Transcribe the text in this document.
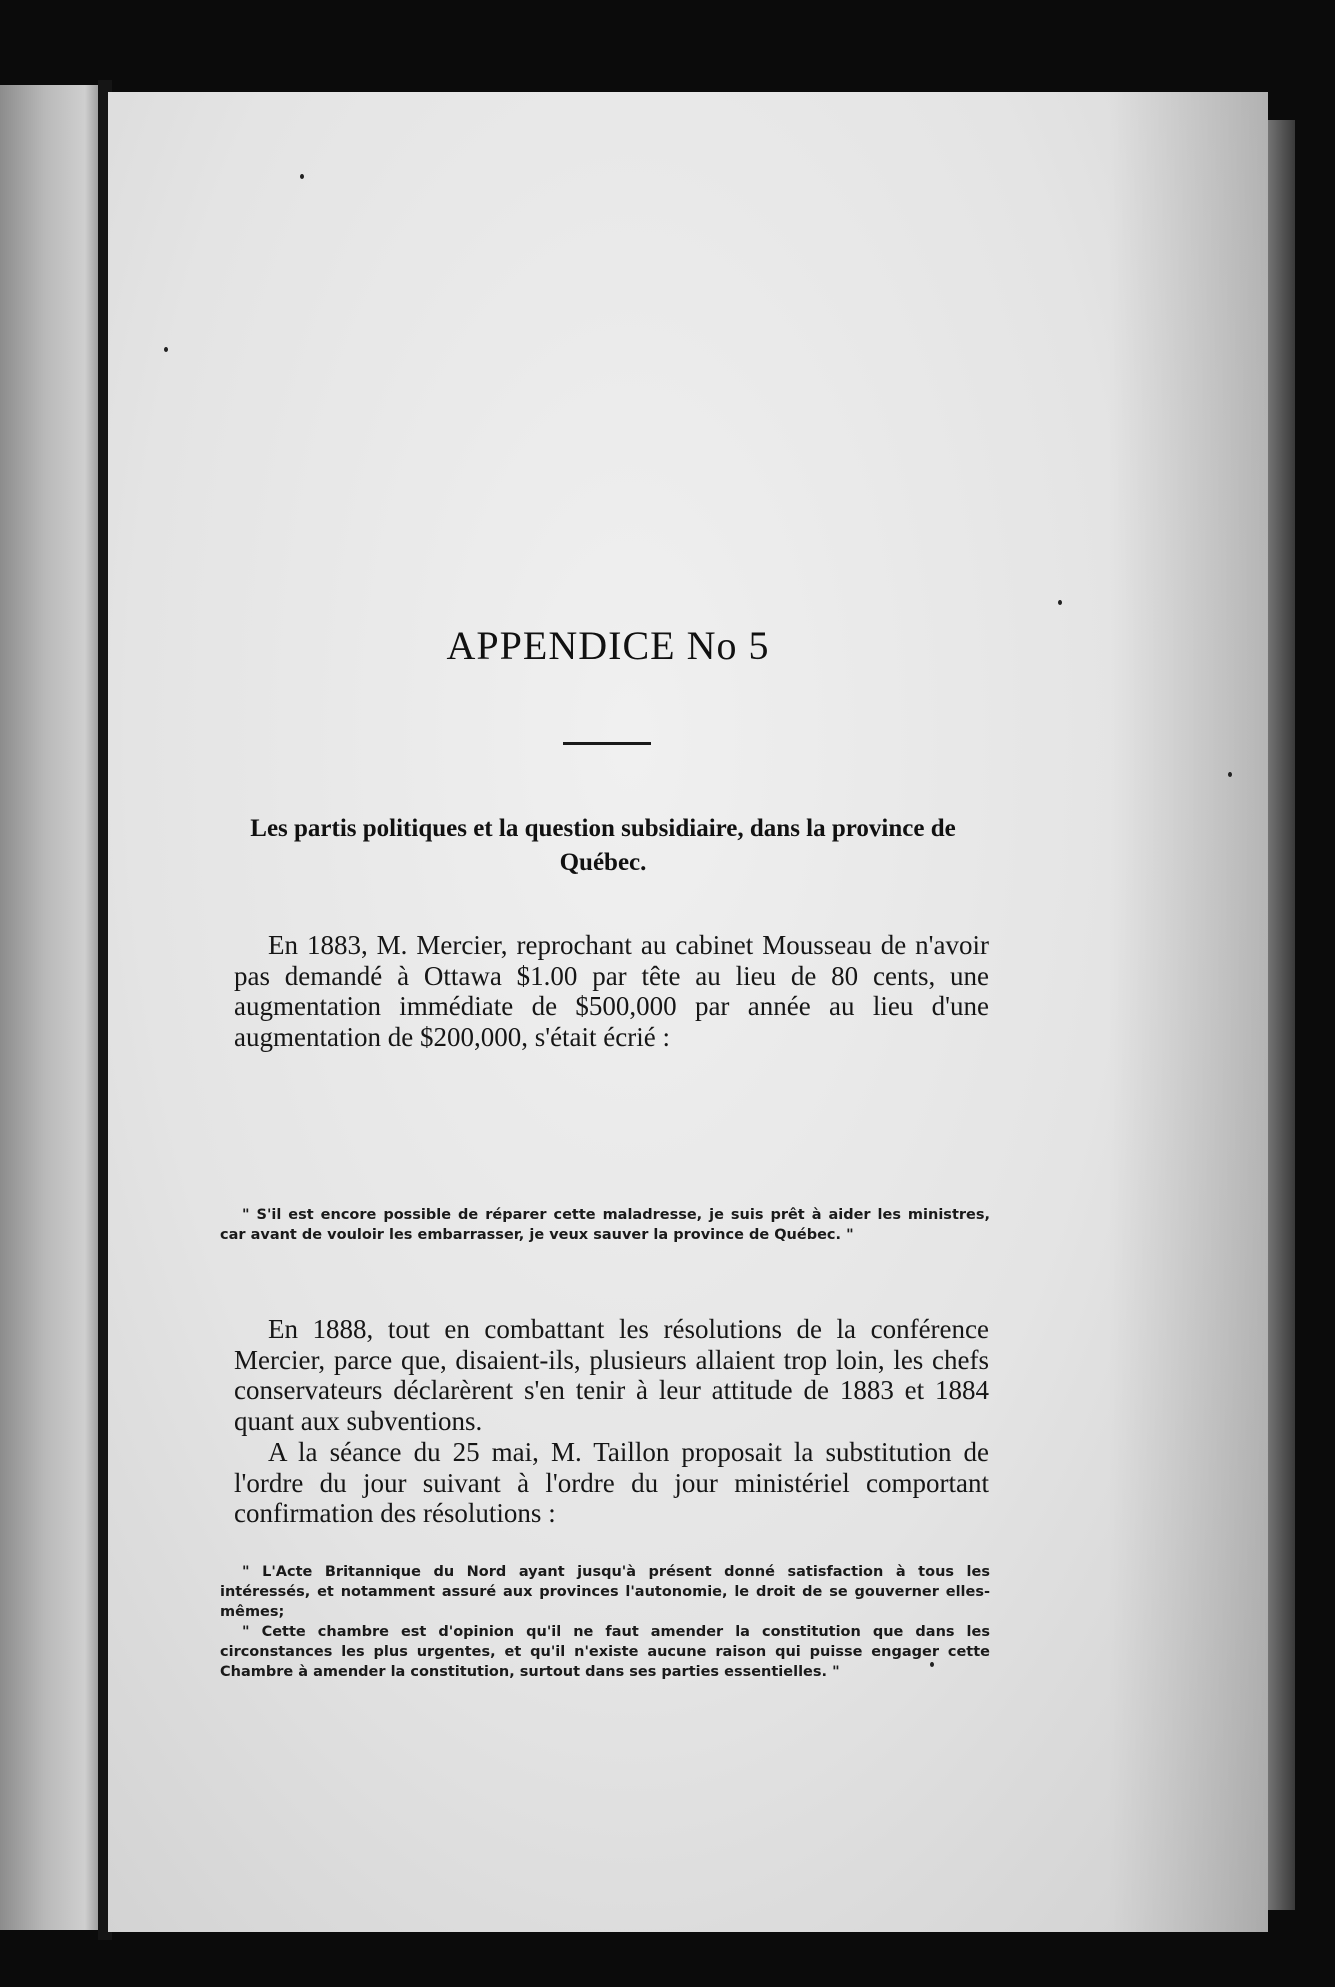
APPENDICE No 5
Les partis politiques et la question subsidiaire, dans la province de Québec.

En 1883, M. Mercier, reprochant au cabinet Mousseau de n'avoir pas demandé à Ottawa $1.00 par tête au lieu de 80 cents, une augmentation immédiate de $500,000 par année au lieu d'une augmentation de $200,000, s'était écrié :

" S'il est encore possible de réparer cette maladresse, je suis prêt à aider les ministres, car avant de vouloir les embarrasser, je veux sauver la province de Québec. "

En 1888, tout en combattant les résolutions de la conférence Mercier, parce que, disaient-ils, plusieurs allaient trop loin, les chefs conservateurs déclarèrent s'en tenir à leur attitude de 1883 et 1884 quant aux subventions.

A la séance du 25 mai, M. Taillon proposait la substitution de l'ordre du jour suivant à l'ordre du jour ministériel comportant confirmation des résolutions :

" L'Acte Britannique du Nord ayant jusqu'à présent donné satisfaction à tous les intéressés, et notamment assuré aux provinces l'autonomie, le droit de se gouverner elles-mêmes;
" Cette chambre est d'opinion qu'il ne faut amender la constitution que dans les circonstances les plus urgentes, et qu'il n'existe aucune raison qui puisse engager cette Chambre à amender la constitution, surtout dans ses parties essentielles. "
